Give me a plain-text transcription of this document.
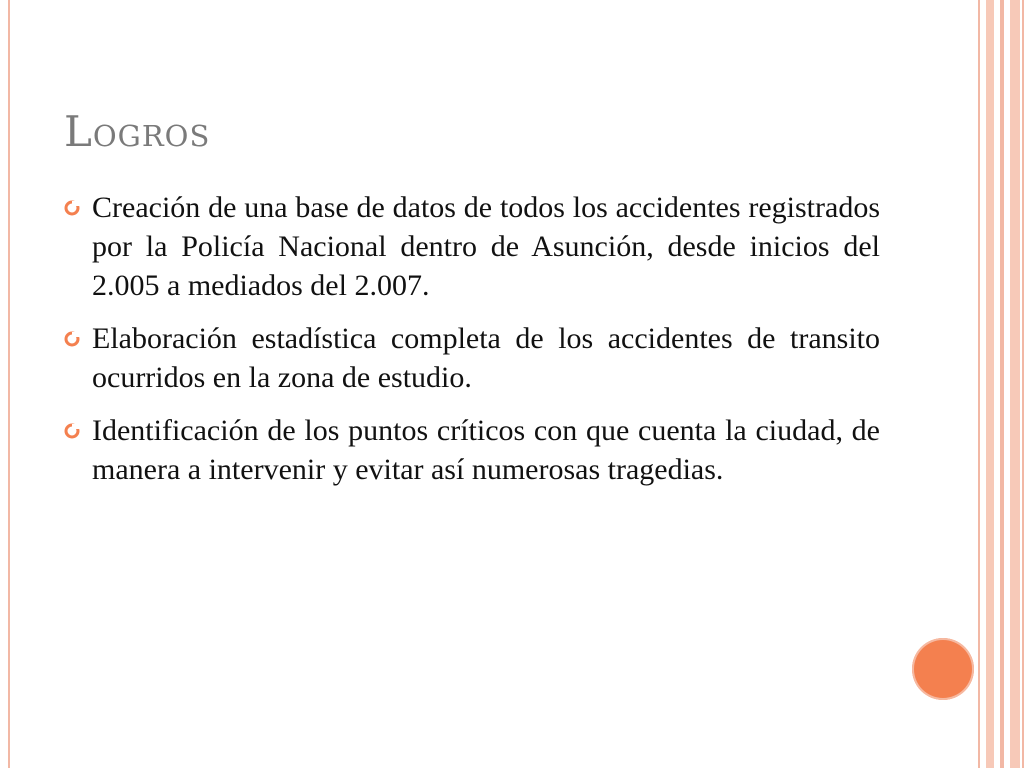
Logros
Creación de una base de datos de todos los accidentes registrados por la Policía Nacional dentro de Asunción, desde inicios del 2.005 a mediados del 2.007.
Elaboración estadística completa de los accidentes de transito ocurridos en la zona de estudio.
Identificación de los puntos críticos con que cuenta la ciudad, de manera a intervenir y evitar así numerosas tragedias.
